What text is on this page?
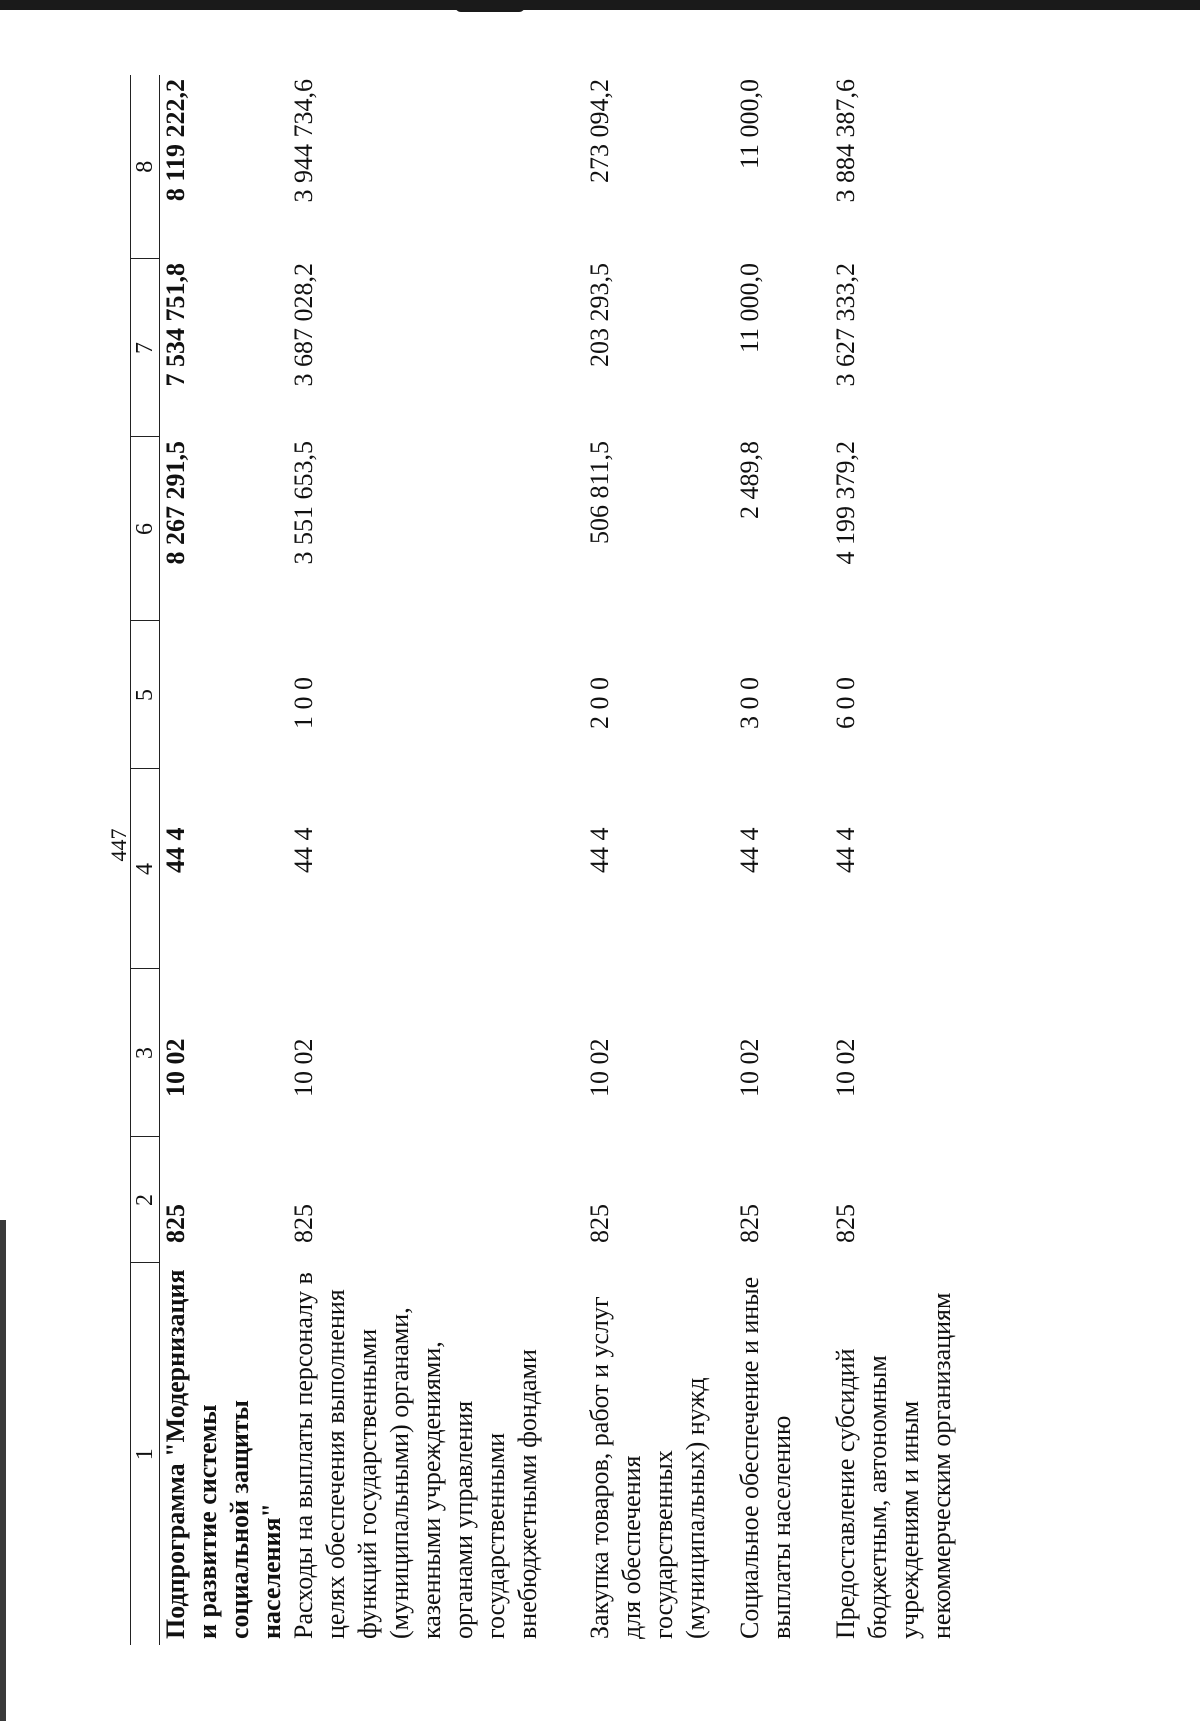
447
1	2	3	4	5	6	7	8
Подпрограмма "Модернизация и развитие системы социальной защиты населения"	825	10 02	44 4		8 267 291,5	7 534 751,8	8 119 222,2
Расходы на выплаты персоналу в целях обеспечения выполнения функций государственными (муниципальными) органами, казенными учреждениями, органами управления государственными внебюджетными фондами	825	10 02	44 4	1 0 0	3 551 653,5	3 687 028,2	3 944 734,6
Закупка товаров, работ и услуг для обеспечения государственных (муниципальных) нужд	825	10 02	44 4	2 0 0	506 811,5	203 293,5	273 094,2
Социальное обеспечение и иные выплаты населению	825	10 02	44 4	3 0 0	2 489,8	11 000,0	11 000,0
Предоставление субсидий бюджетным, автономным учреждениям и иным некоммерческим организациям	825	10 02	44 4	6 0 0	4 199 379,2	3 627 333,2	3 884 387,6
